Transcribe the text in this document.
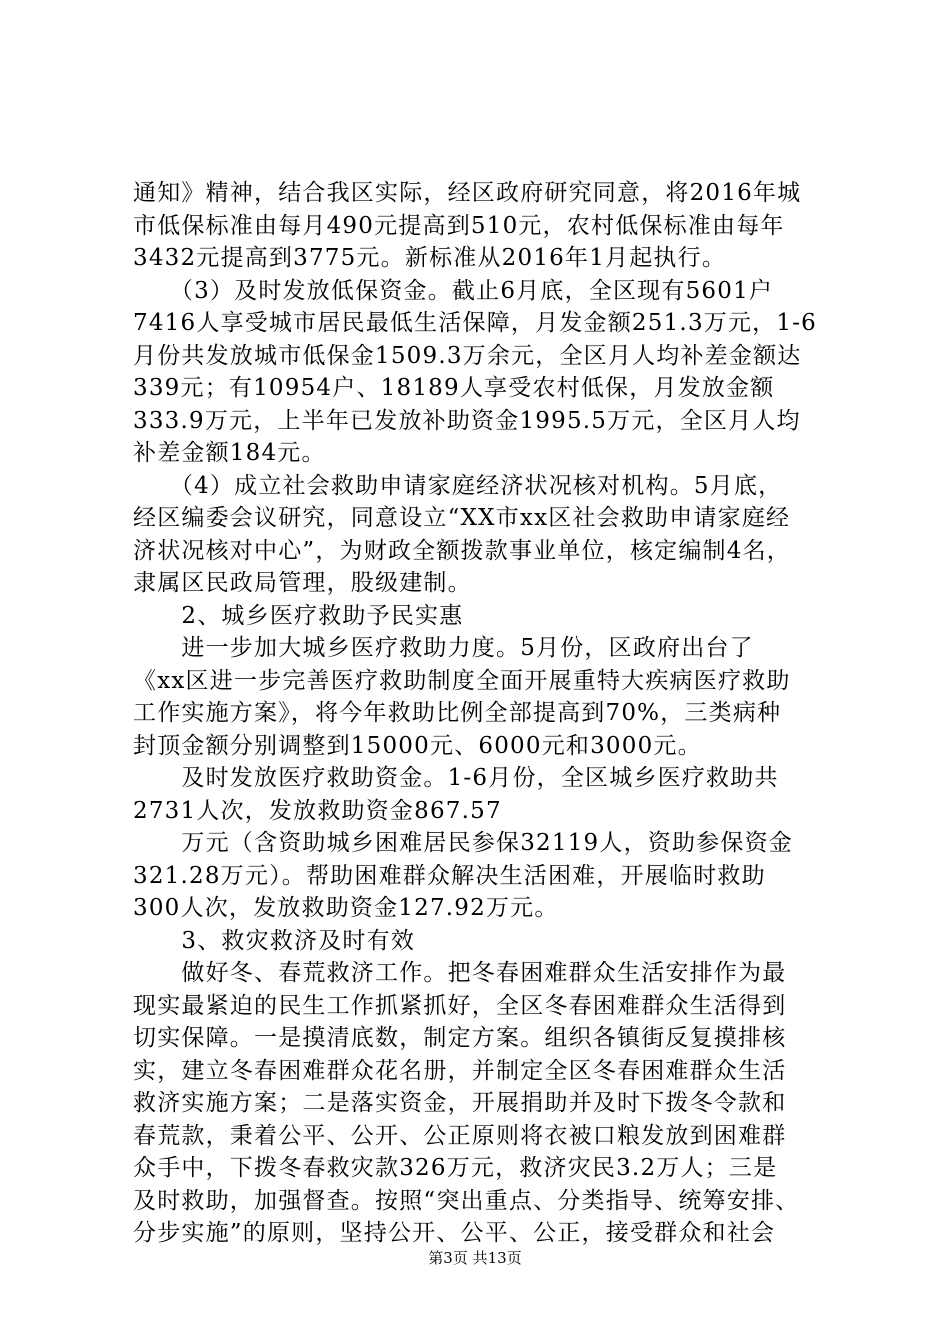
通知》精神，结合我区实际，经区政府研究同意，将2016年城
市低保标准由每月490元提高到510元，农村低保标准由每年
3432元提高到3775元。新标准从2016年1月起执行。
　　（3）及时发放低保资金。截止6月底，全区现有5601户
7416人享受城市居民最低生活保障，月发金额251.3万元，1-6
月份共发放城市低保金1509.3万余元，全区月人均补差金额达
339元；有10954户、18189人享受农村低保，月发放金额
333.9万元，上半年已发放补助资金1995.5万元，全区月人均
补差金额184元。
　　（4）成立社会救助申请家庭经济状况核对机构。5月底，
经区编委会议研究，同意设立“XX市xx区社会救助申请家庭经
济状况核对中心”，为财政全额拨款事业单位，核定编制4名，
隶属区民政局管理，股级建制。
　　2、城乡医疗救助予民实惠
　　进一步加大城乡医疗救助力度。5月份，区政府出台了
《xx区进一步完善医疗救助制度全面开展重特大疾病医疗救助
工作实施方案》，将今年救助比例全部提高到70%，三类病种
封顶金额分别调整到15000元、6000元和3000元。
　　及时发放医疗救助资金。1-6月份，全区城乡医疗救助共
2731人次，发放救助资金867.57
　　万元（含资助城乡困难居民参保32119人，资助参保资金
321.28万元）。帮助困难群众解决生活困难，开展临时救助
300人次，发放救助资金127.92万元。
　　3、救灾救济及时有效
　　做好冬、春荒救济工作。把冬春困难群众生活安排作为最
现实最紧迫的民生工作抓紧抓好，全区冬春困难群众生活得到
切实保障。一是摸清底数，制定方案。组织各镇街反复摸排核
实，建立冬春困难群众花名册，并制定全区冬春困难群众生活
救济实施方案；二是落实资金，开展捐助并及时下拨冬令款和
春荒款，秉着公平、公开、公正原则将衣被口粮发放到困难群
众手中，下拨冬春救灾款326万元，救济灾民3.2万人；三是
及时救助，加强督查。按照“突出重点、分类指导、统筹安排、
分步实施”的原则，坚持公开、公平、公正，接受群众和社会
第3页 共13页
